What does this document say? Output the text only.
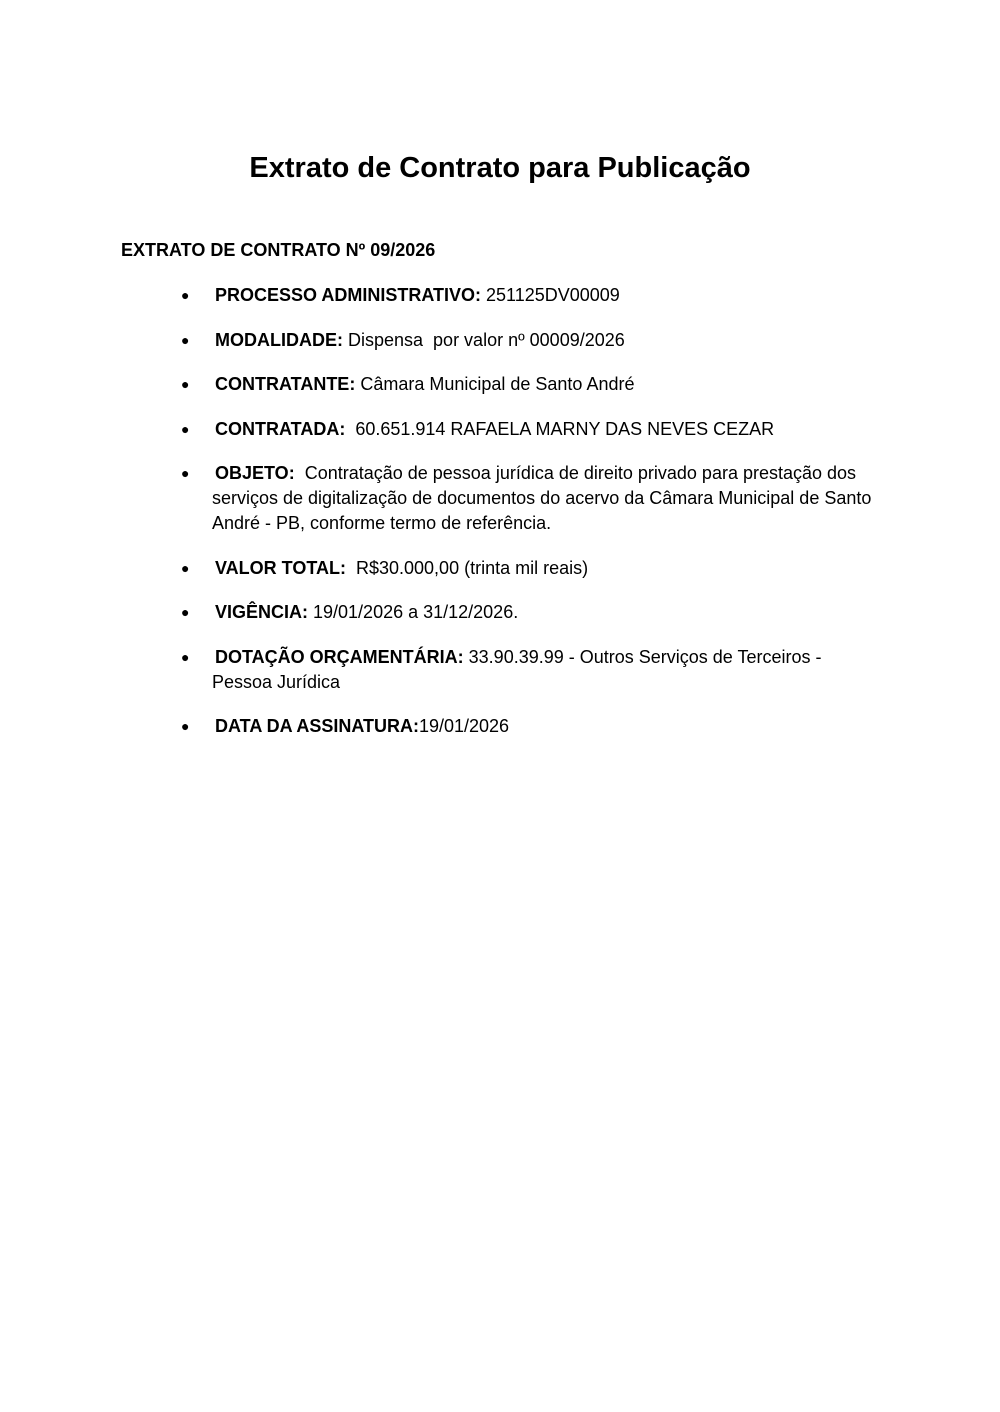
Extrato de Contrato para Publicação
EXTRATO DE CONTRATO Nº 09/2026
● PROCESSO ADMINISTRATIVO: 251125DV00009
● MODALIDADE: Dispensa  por valor nº 00009/2026
● CONTRATANTE: Câmara Municipal de Santo André
● CONTRATADA:  60.651.914 RAFAELA MARNY DAS NEVES CEZAR
● OBJETO:  Contratação de pessoa jurídica de direito privado para prestação dos serviços de digitalização de documentos do acervo da Câmara Municipal de Santo André - PB, conforme termo de referência.
● VALOR TOTAL:  R$30.000,00 (trinta mil reais)
● VIGÊNCIA: 19/01/2026 a 31/12/2026.
● DOTAÇÃO ORÇAMENTÁRIA: 33.90.39.99 - Outros Serviços de Terceiros - Pessoa Jurídica
● DATA DA ASSINATURA:19/01/2026
